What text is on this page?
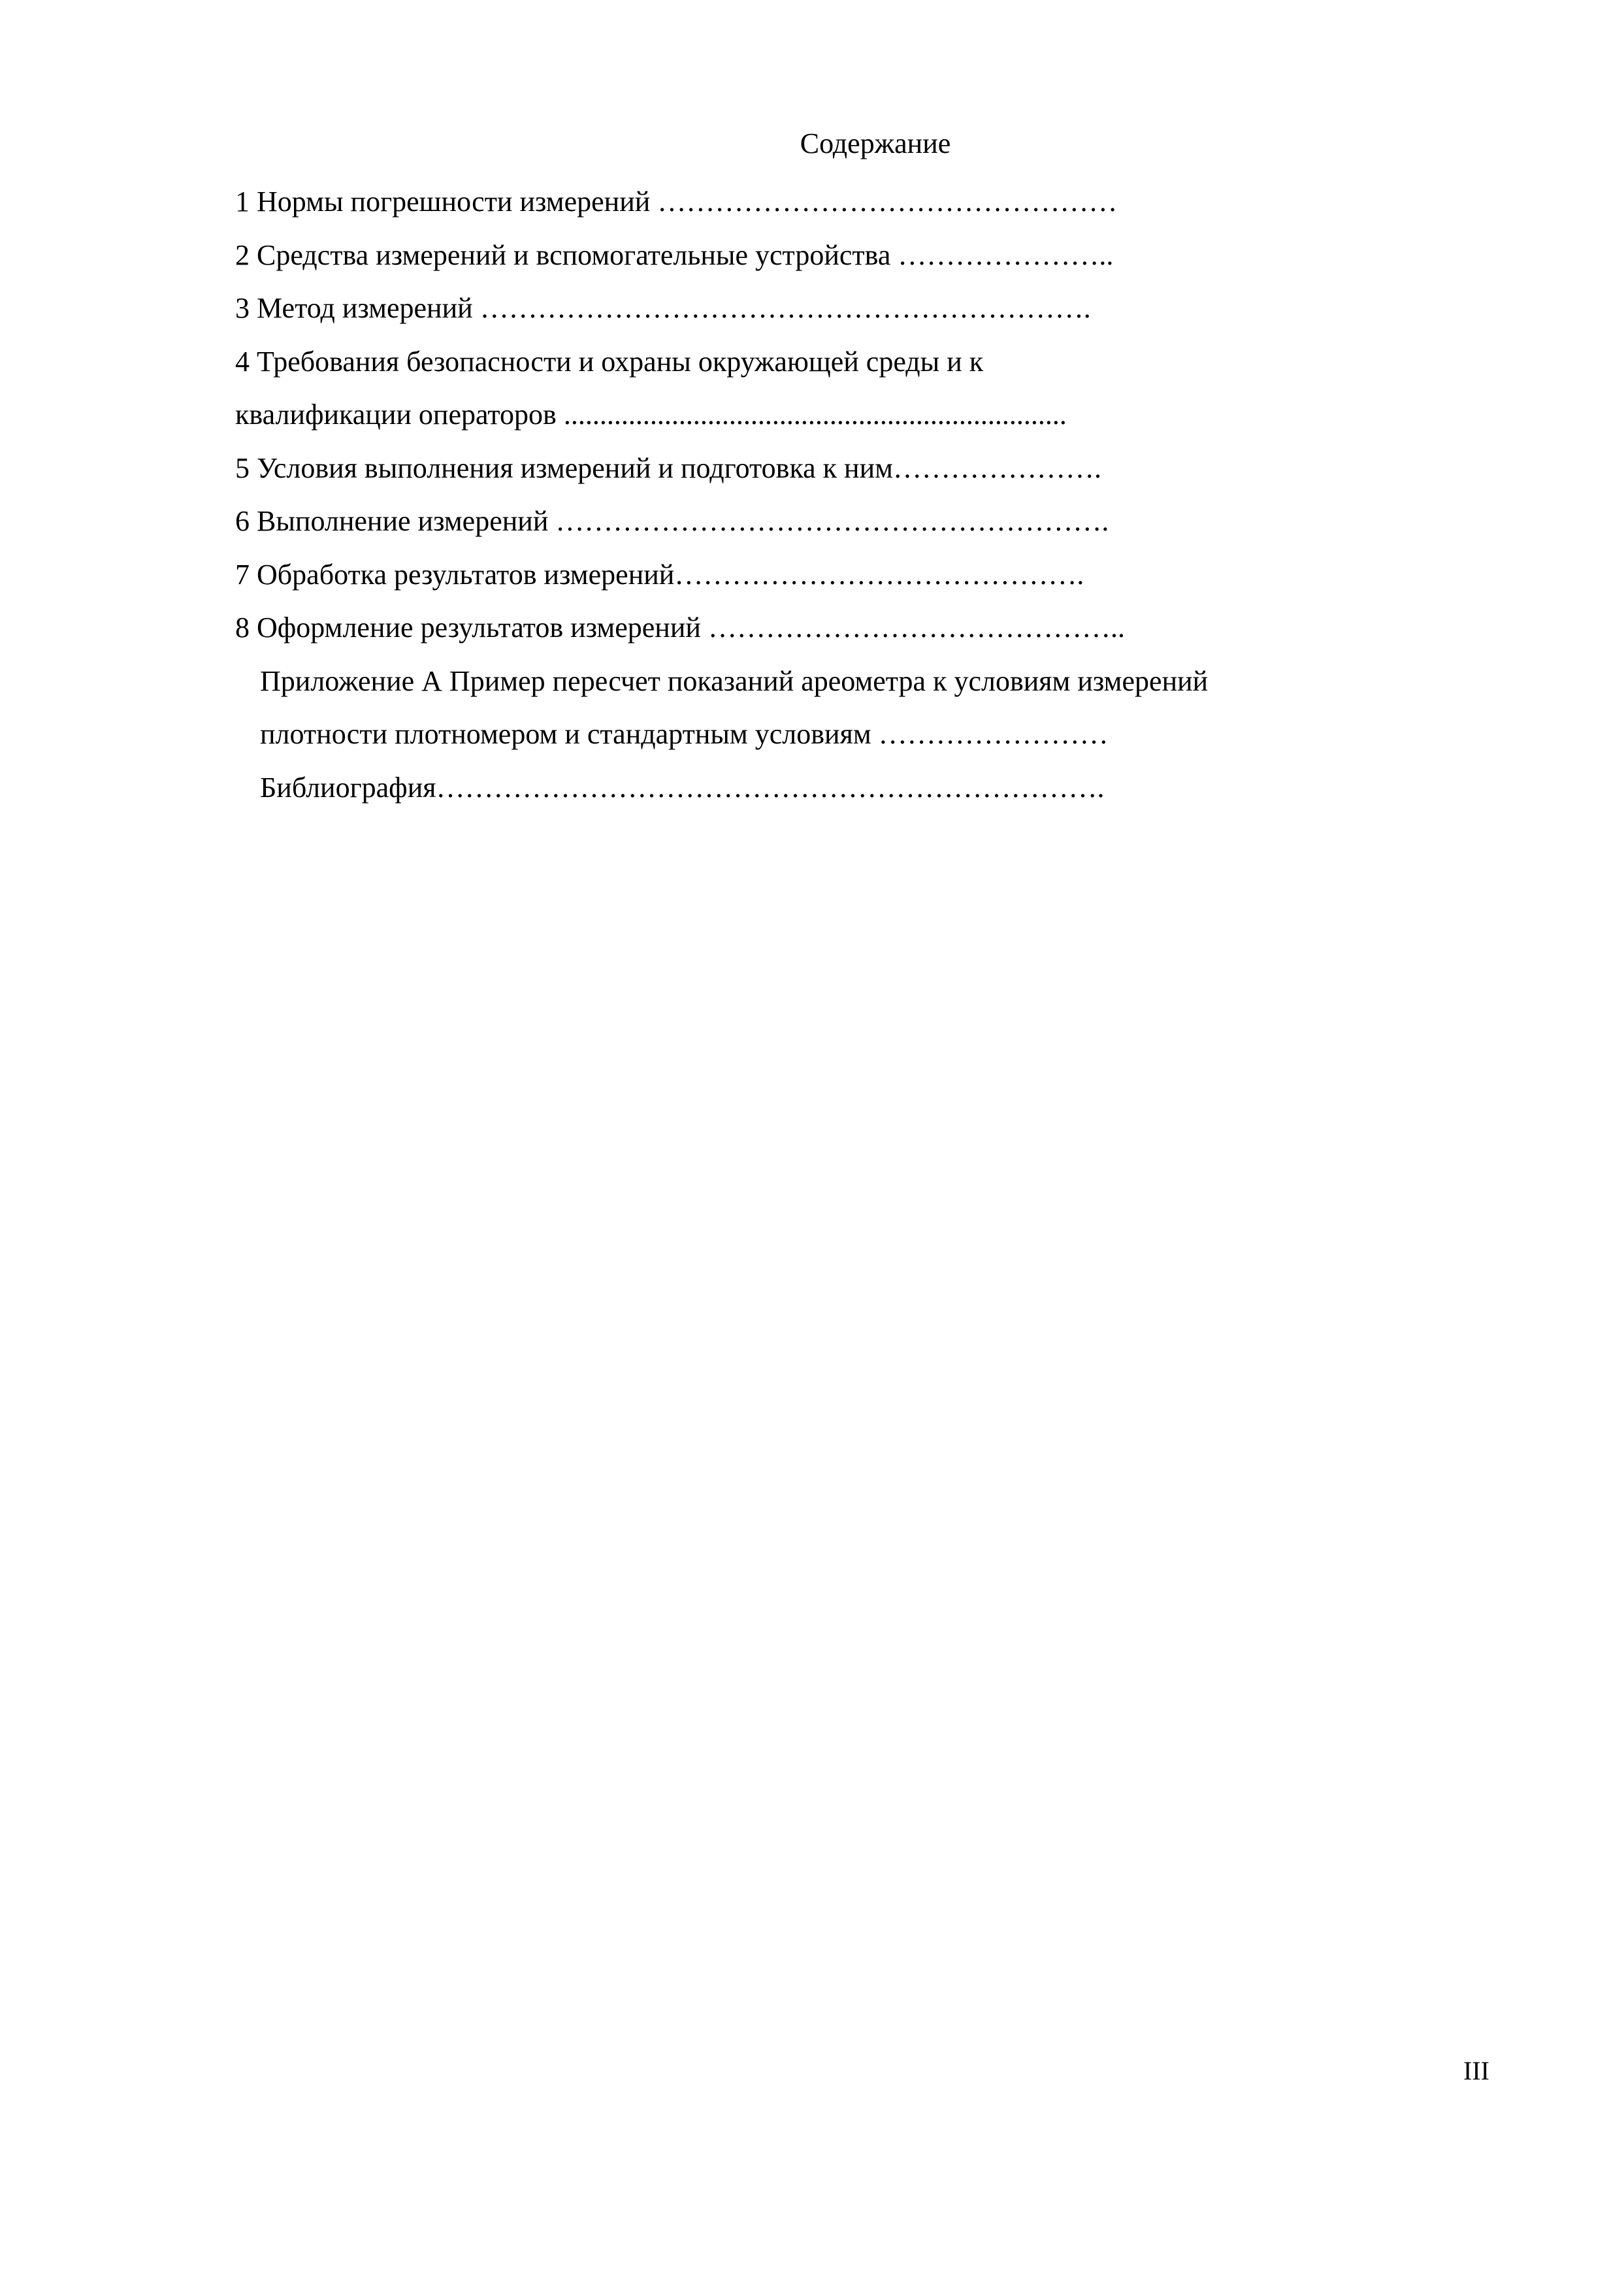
Содержание
1 Нормы погрешности измерений …………………………………………
2 Средства измерений и вспомогательные устройства …………………..
3 Метод измерений ……………………………………………………….
4 Требования безопасности и охраны окружающей среды и к
квалификации операторов ......................................................................
5 Условия выполнения измерений и подготовка к ним………………….
6 Выполнение измерений ………………………………………………….
7 Обработка результатов измерений…………………………………….
8 Оформление результатов измерений ……………………………………..
Приложение А Пример пересчет показаний ареометра к условиям измерений
плотности плотномером и стандартным условиям ……………………
Библиография…………………………………………………………….
III
